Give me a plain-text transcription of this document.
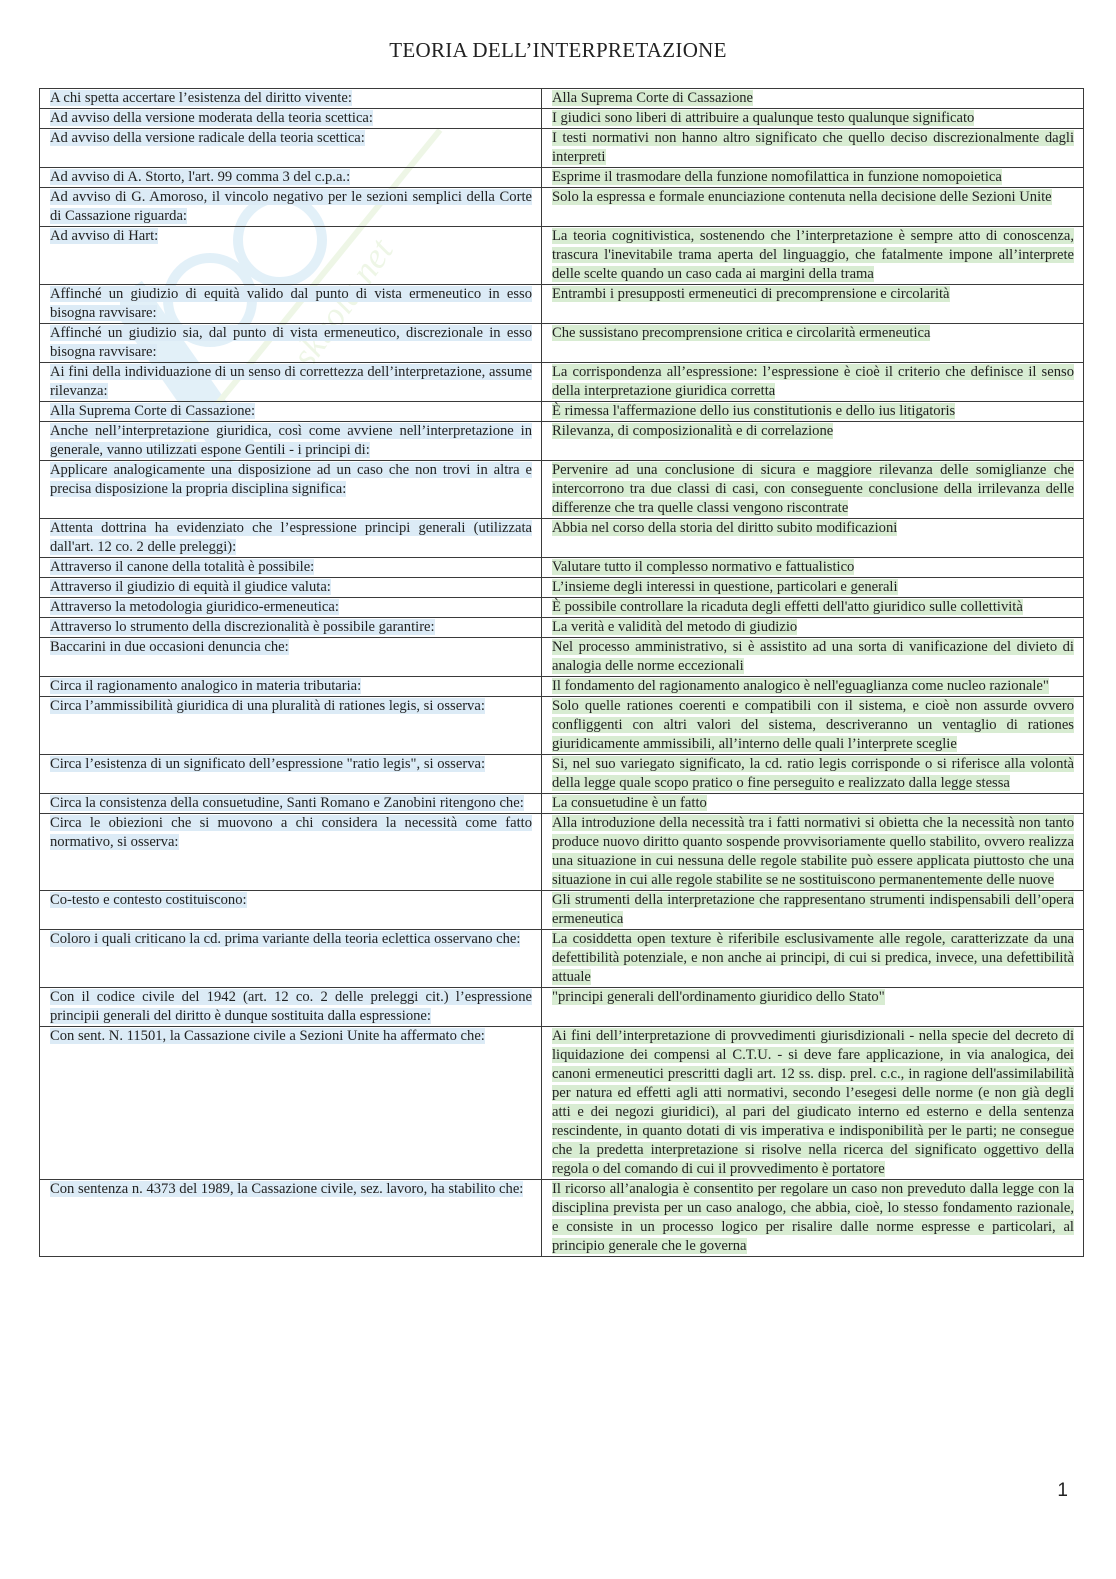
skuola.net
TEORIA DELL’INTERPRETAZIONE
A chi spetta accertare l’esistenza del diritto vivente:	Alla Suprema Corte di Cassazione
Ad avviso della versione moderata della teoria scettica:	I giudici sono liberi di attribuire a qualunque testo qualunque significato
Ad avviso della versione radicale della teoria scettica:	I testi normativi non hanno altro significato che quello deciso discrezionalmente dagli interpreti
Ad avviso di A. Storto, l'art. 99 comma 3 del c.p.a.:	Esprime il trasmodare della funzione nomofilattica in funzione nomopoietica
Ad avviso di G. Amoroso, il vincolo negativo per le sezioni semplici della Corte di Cassazione riguarda:	Solo la espressa e formale enunciazione contenuta nella decisione delle Sezioni Unite
Ad avviso di Hart:	La teoria cognitivistica, sostenendo che l’interpretazione è sempre atto di conoscenza, trascura l'inevitabile trama aperta del linguaggio, che fatalmente impone all’interprete delle scelte quando un caso cada ai margini della trama
Affinché un giudizio di equità valido dal punto di vista ermeneutico in esso bisogna ravvisare:	Entrambi i presupposti ermeneutici di precomprensione e circolarità
Affinché un giudizio sia, dal punto di vista ermeneutico, discrezionale in esso bisogna ravvisare:	Che sussistano precomprensione critica e circolarità ermeneutica
Ai fini della individuazione di un senso di correttezza dell’interpretazione, assume rilevanza:	La corrispondenza all’espressione: l’espressione è cioè il criterio che definisce il senso della interpretazione giuridica corretta
Alla Suprema Corte di Cassazione:	È rimessa l'affermazione dello ius constitutionis e dello ius litigatoris
Anche nell’interpretazione giuridica, così come avviene nell’interpretazione in generale, vanno utilizzati espone Gentili - i principi di:	Rilevanza, di composizionalità e di correlazione
Applicare analogicamente una disposizione ad un caso che non trovi in altra e precisa disposizione la propria disciplina significa:	Pervenire ad una conclusione di sicura e maggiore rilevanza delle somiglianze che intercorrono tra due classi di casi, con conseguente conclusione della irrilevanza delle differenze che tra quelle classi vengono riscontrate
Attenta dottrina ha evidenziato che l’espressione principi generali (utilizzata dall'art. 12 co. 2 delle preleggi):	Abbia nel corso della storia del diritto subito modificazioni
Attraverso il canone della totalità è possibile:	Valutare tutto il complesso normativo e fattualistico
Attraverso il giudizio di equità il giudice valuta:	L’insieme degli interessi in questione, particolari e generali
Attraverso la metodologia giuridico-ermeneutica:	È possibile controllare la ricaduta degli effetti dell'atto giuridico sulle collettività
Attraverso lo strumento della discrezionalità è possibile garantire:	La verità e validità del metodo di giudizio
Baccarini in due occasioni denuncia che:	Nel processo amministrativo, si è assistito ad una sorta di vanificazione del divieto di analogia delle norme eccezionali
Circa il ragionamento analogico in materia tributaria:	Il fondamento del ragionamento analogico è nell'eguaglianza come nucleo razionale"
Circa l’ammissibilità giuridica di una pluralità di rationes legis, si osserva:	Solo quelle rationes coerenti e compatibili con il sistema, e cioè non assurde ovvero confliggenti con altri valori del sistema, descriveranno un ventaglio di rationes giuridicamente ammissibili, all’interno delle quali l’interprete sceglie
Circa l’esistenza di un significato dell’espressione "ratio legis", si osserva:	Si, nel suo variegato significato, la cd. ratio legis corrisponde o si riferisce alla volontà della legge quale scopo pratico o fine perseguito e realizzato dalla legge stessa
Circa la consistenza della consuetudine, Santi Romano e Zanobini ritengono che:	La consuetudine è un fatto
Circa le obiezioni che si muovono a chi considera la necessità come fatto normativo, si osserva:	Alla introduzione della necessità tra i fatti normativi si obietta che la necessità non tanto produce nuovo diritto quanto sospende provvisoriamente quello stabilito, ovvero realizza una situazione in cui nessuna delle regole stabilite può essere applicata piuttosto che una situazione in cui alle regole stabilite se ne sostituiscono permanentemente delle nuove
Co-testo e contesto costituiscono:	Gli strumenti della interpretazione che rappresentano strumenti indispensabili dell’opera ermeneutica
Coloro i quali criticano la cd. prima variante della teoria eclettica osservano che:	La cosiddetta open texture è riferibile esclusivamente alle regole, caratterizzate da una defettibilità potenziale, e non anche ai principi, di cui si predica, invece, una defettibilità attuale
Con il codice civile del 1942 (art. 12 co. 2 delle preleggi cit.) l’espressione principii generali del diritto è dunque sostituita dalla espressione:	"principi generali dell'ordinamento giuridico dello Stato"
Con sent. N. 11501, la Cassazione civile a Sezioni Unite ha affermato che:	Ai fini dell’interpretazione di provvedimenti giurisdizionali - nella specie del decreto di liquidazione dei compensi al C.T.U. - si deve fare applicazione, in via analogica, dei canoni ermeneutici prescritti dagli art. 12 ss. disp. prel. c.c., in ragione dell'assimilabilità per natura ed effetti agli atti normativi, secondo l’esegesi delle norme (e non già degli atti e dei negozi giuridici), al pari del giudicato interno ed esterno e della sentenza rescindente, in quanto dotati di vis imperativa e indisponibilità per le parti; ne consegue che la predetta interpretazione si risolve nella ricerca del significato oggettivo della regola o del comando di cui il provvedimento è portatore
Con sentenza n. 4373 del 1989, la Cassazione civile, sez. lavoro, ha stabilito che:	Il ricorso all’analogia è consentito per regolare un caso non preveduto dalla legge con la disciplina prevista per un caso analogo, che abbia, cioè, lo stesso fondamento razionale, e consiste in un processo logico per risalire dalle norme espresse e particolari, al principio generale che le governa
1
